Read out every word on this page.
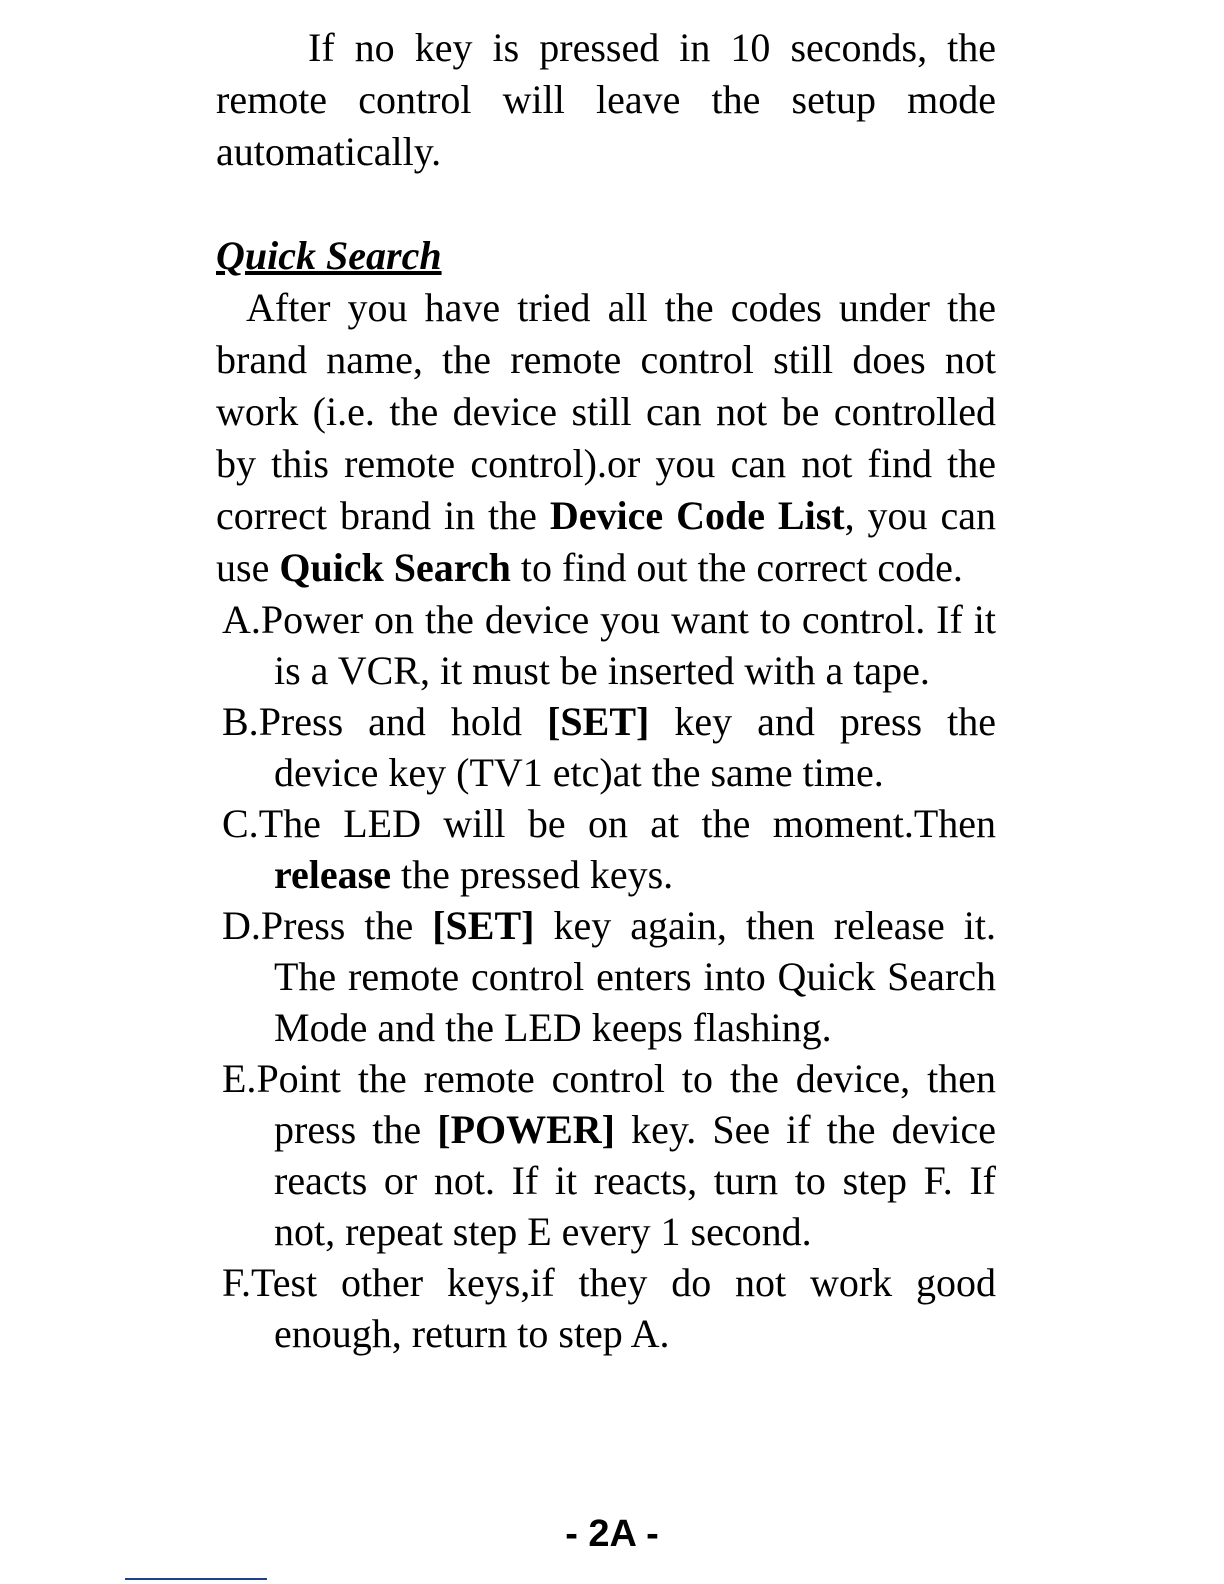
If no key is pressed in 10 seconds, the remote control will leave the setup mode automatically.

Quick Search

After you have tried all the codes under the brand name, the remote control still does not work (i.e. the device still can not be controlled by this remote control).or you can not find the correct brand in the Device Code List, you can use Quick Search to find out the correct code.

A.Power on the device you want to control. If it is a VCR, it must be inserted with a tape.
B.Press and hold [SET] key and press the device key (TV1 etc)at the same time.
C.The LED will be on at the moment.Then release the pressed keys.
D.Press the [SET] key again, then release it. The remote control enters into Quick Search Mode and the LED keeps flashing.
E.Point the remote control to the device, then press the [POWER] key. See if the device reacts or not. If it reacts, turn to step F. If not, repeat step E every 1 second.
F.Test other keys,if they do not work good enough, return to step A.
- 2A -
